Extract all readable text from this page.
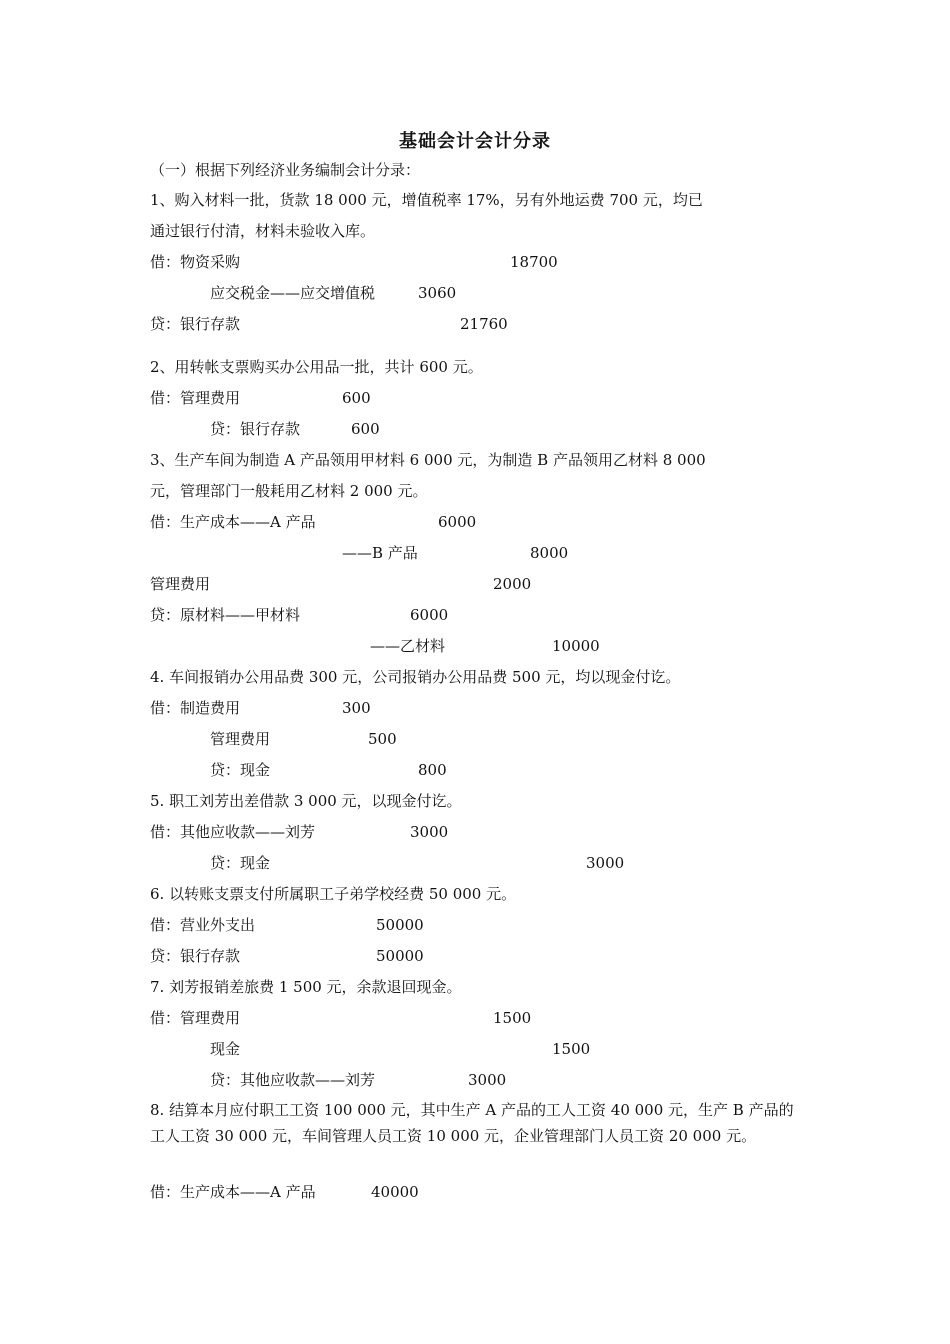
基础会计会计分录
（一）根据下列经济业务编制会计分录：
1、购入材料一批，货款 18 000 元，增值税率 17%，另有外地运费 700 元，均已
通过银行付清，材料未验收入库。
借：物资采购	18700
应交税金——应交增值税	3060
贷：银行存款	21760
2、用转帐支票购买办公用品一批，共计 600 元。
借：管理费用	600
贷：银行存款	600
3、生产车间为制造 A 产品领用甲材料 6 000 元，为制造 B 产品领用乙材料 8 000
元，管理部门一般耗用乙材料 2 000 元。
借：生产成本——A 产品	6000
——B 产品	8000
管理费用	2000
贷：原材料——甲材料	6000
——乙材料	10000
4. 车间报销办公用品费 300 元，公司报销办公用品费 500 元，均以现金付讫。
借：制造费用	300
管理费用	500
贷：现金	800
5. 职工刘芳出差借款 3 000 元，以现金付讫。
借：其他应收款——刘芳	3000
贷：现金	3000
6. 以转账支票支付所属职工子弟学校经费 50 000 元。
借：营业外支出	50000
贷：银行存款	50000
7. 刘芳报销差旅费 1 500 元，余款退回现金。
借：管理费用	1500
现金	1500
贷：其他应收款——刘芳	3000
8. 结算本月应付职工工资 100 000 元，其中生产 A 产品的工人工资 40 000 元，生产 B 产品的工人工资 30 000 元，车间管理人员工资 10 000 元，企业管理部门人员工资 20 000 元。
借：生产成本——A 产品	40000
